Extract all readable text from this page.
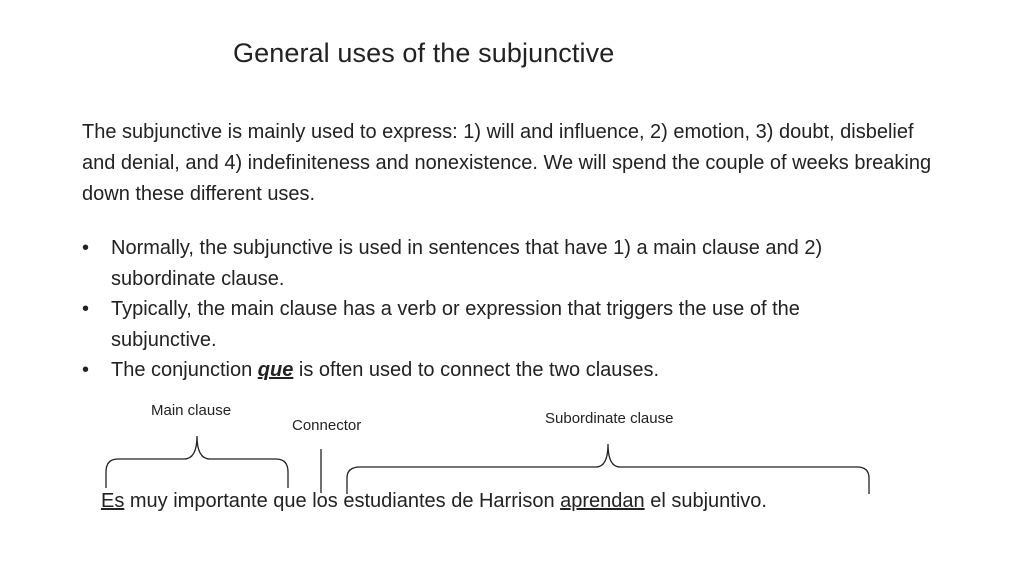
General uses of the subjunctive
The subjunctive is mainly used to express: 1) will and influence, 2) emotion, 3) doubt, disbelief and denial, and 4) indefiniteness and nonexistence. We will spend the couple of weeks breaking down these different uses.
• Normally, the subjunctive is used in sentences that have 1) a main clause and 2) subordinate clause.
• Typically, the main clause has a verb or expression that triggers the use of the subjunctive.
• The conjunction que is often used to connect the two clauses.
Main clause
Connector	Subordinate clause
Es muy importante que los estudiantes de Harrison aprendan el subjuntivo.
